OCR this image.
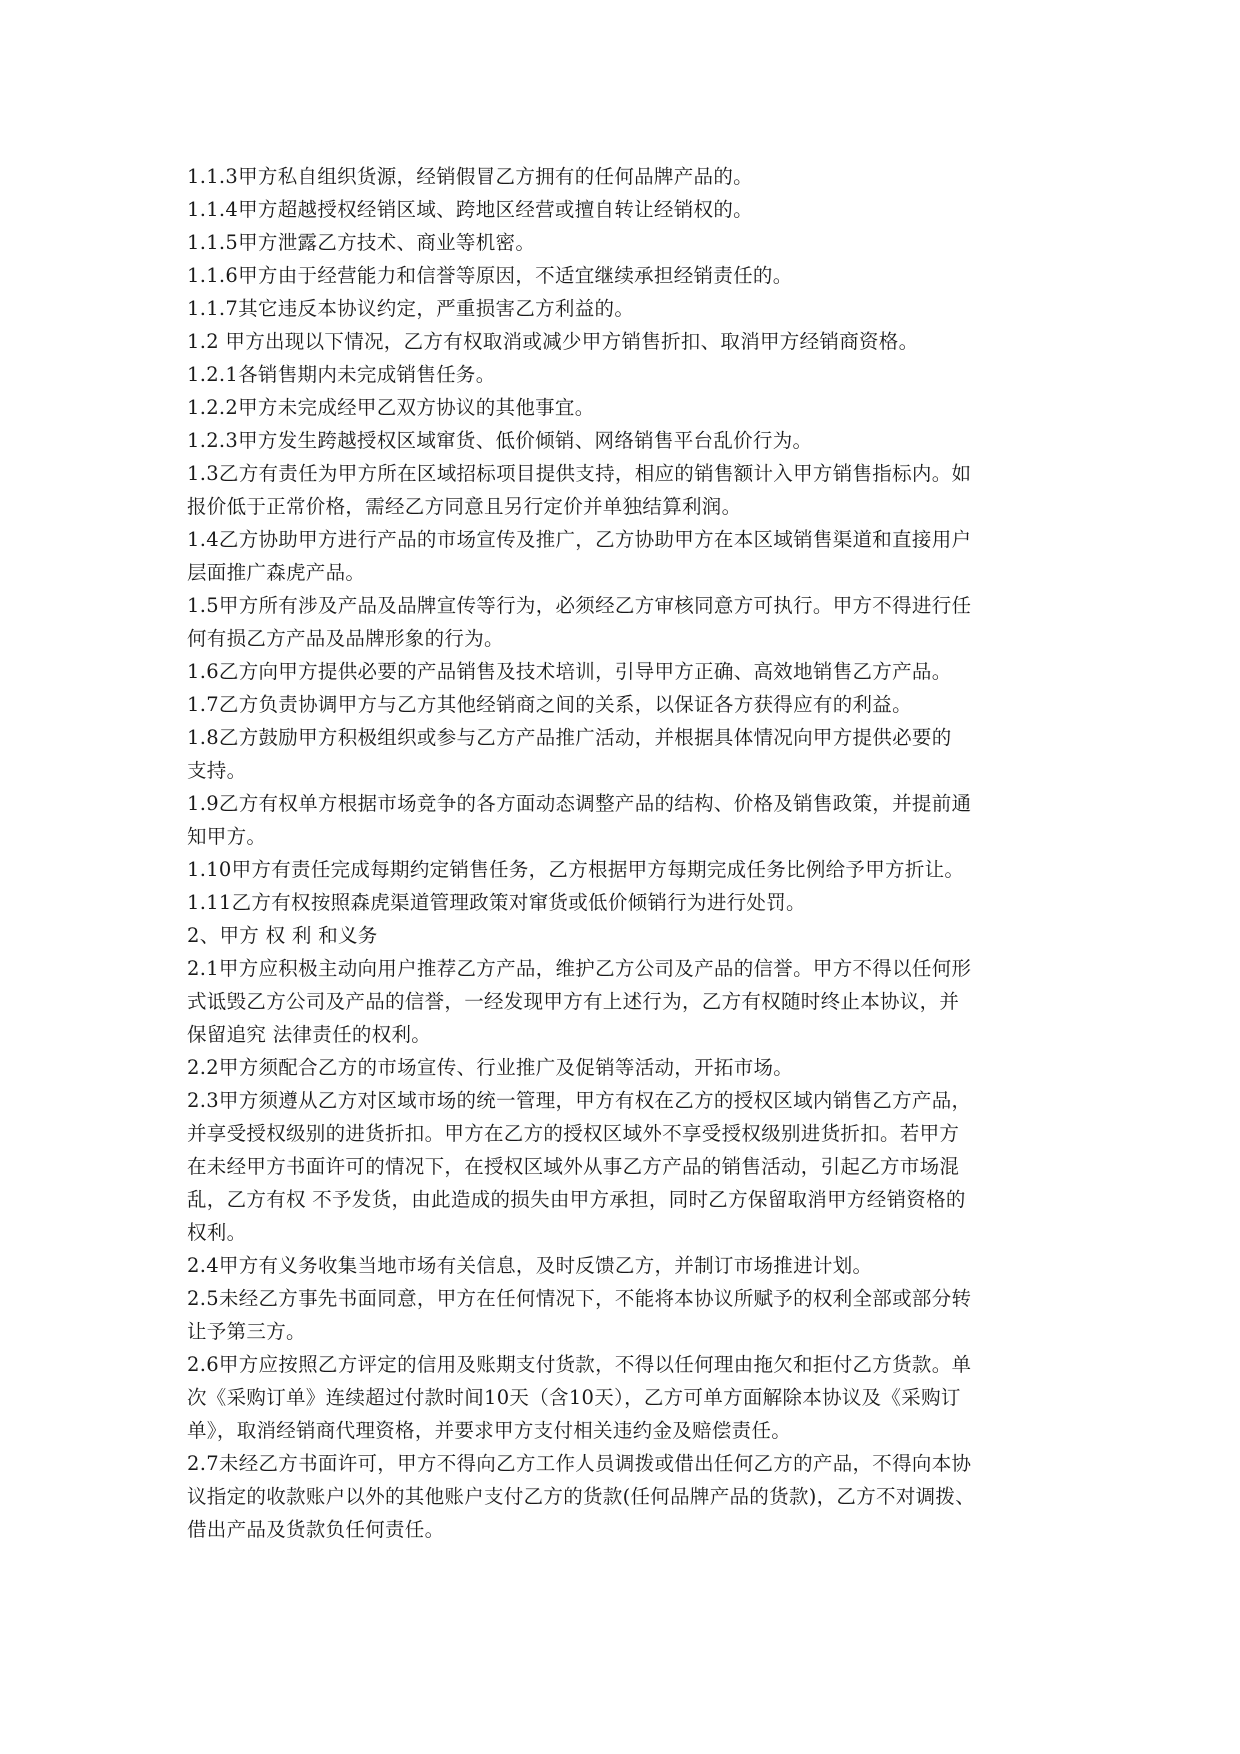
1.1.3甲方私自组织货源，经销假冒乙方拥有的任何品牌产品的。
1.1.4甲方超越授权经销区域、跨地区经营或擅自转让经销权的。
1.1.5甲方泄露乙方技术、商业等机密。
1.1.6甲方由于经营能力和信誉等原因，不适宜继续承担经销责任的。
1.1.7其它违反本协议约定，严重损害乙方利益的。
1.2 甲方出现以下情况，乙方有权取消或减少甲方销售折扣、取消甲方经销商资格。
1.2.1各销售期内未完成销售任务。
1.2.2甲方未完成经甲乙双方协议的其他事宜。
1.2.3甲方发生跨越授权区域窜货、低价倾销、网络销售平台乱价行为。
1.3乙方有责任为甲方所在区域招标项目提供支持，相应的销售额计入甲方销售指标内。如
报价低于正常价格，需经乙方同意且另行定价并单独结算利润。
1.4乙方协助甲方进行产品的市场宣传及推广，乙方协助甲方在本区域销售渠道和直接用户
层面推广森虎产品。
1.5甲方所有涉及产品及品牌宣传等行为，必须经乙方审核同意方可执行。甲方不得进行任
何有损乙方产品及品牌形象的行为。
1.6乙方向甲方提供必要的产品销售及技术培训，引导甲方正确、高效地销售乙方产品。
1.7乙方负责协调甲方与乙方其他经销商之间的关系，以保证各方获得应有的利益。
1.8乙方鼓励甲方积极组织或参与乙方产品推广活动，并根据具体情况向甲方提供必要的
支持。
1.9乙方有权单方根据市场竞争的各方面动态调整产品的结构、价格及销售政策，并提前通
知甲方。
1.10甲方有责任完成每期约定销售任务，乙方根据甲方每期完成任务比例给予甲方折让。
1.11乙方有权按照森虎渠道管理政策对窜货或低价倾销行为进行处罚。
2、甲方 权 利 和义务
2.1甲方应积极主动向用户推荐乙方产品，维护乙方公司及产品的信誉。甲方不得以任何形
式诋毁乙方公司及产品的信誉，一经发现甲方有上述行为，乙方有权随时终止本协议，并
保留追究 法律责任的权利。
2.2甲方须配合乙方的市场宣传、行业推广及促销等活动，开拓市场。
2.3甲方须遵从乙方对区域市场的统一管理，甲方有权在乙方的授权区域内销售乙方产品，
并享受授权级别的进货折扣。甲方在乙方的授权区域外不享受授权级别进货折扣。若甲方
在未经甲方书面许可的情况下，在授权区域外从事乙方产品的销售活动，引起乙方市场混
乱，乙方有权 不予发货，由此造成的损失由甲方承担，同时乙方保留取消甲方经销资格的
权利。
2.4甲方有义务收集当地市场有关信息，及时反馈乙方，并制订市场推进计划。
2.5未经乙方事先书面同意，甲方在任何情况下，不能将本协议所赋予的权利全部或部分转
让予第三方。
2.6甲方应按照乙方评定的信用及账期支付货款，不得以任何理由拖欠和拒付乙方货款。单
次《采购订单》连续超过付款时间10天（含10天），乙方可单方面解除本协议及《采购订
单》，取消经销商代理资格，并要求甲方支付相关违约金及赔偿责任。
2.7未经乙方书面许可，甲方不得向乙方工作人员调拨或借出任何乙方的产品，不得向本协
议指定的收款账户以外的其他账户支付乙方的货款(任何品牌产品的货款)，乙方不对调拨、
借出产品及货款负任何责任。
